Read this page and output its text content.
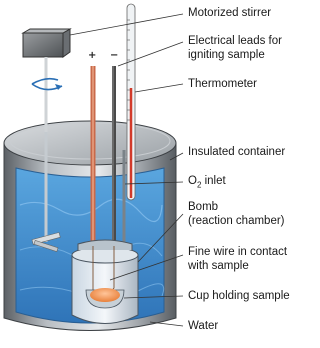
+ −
Motorized stirrer
Electrical leads for
igniting sample
Thermometer
Insulated container
$O_2$ inlet
Bomb
(reaction chamber)
Fine wire in contact
with sample
Cup holding sample
Water
